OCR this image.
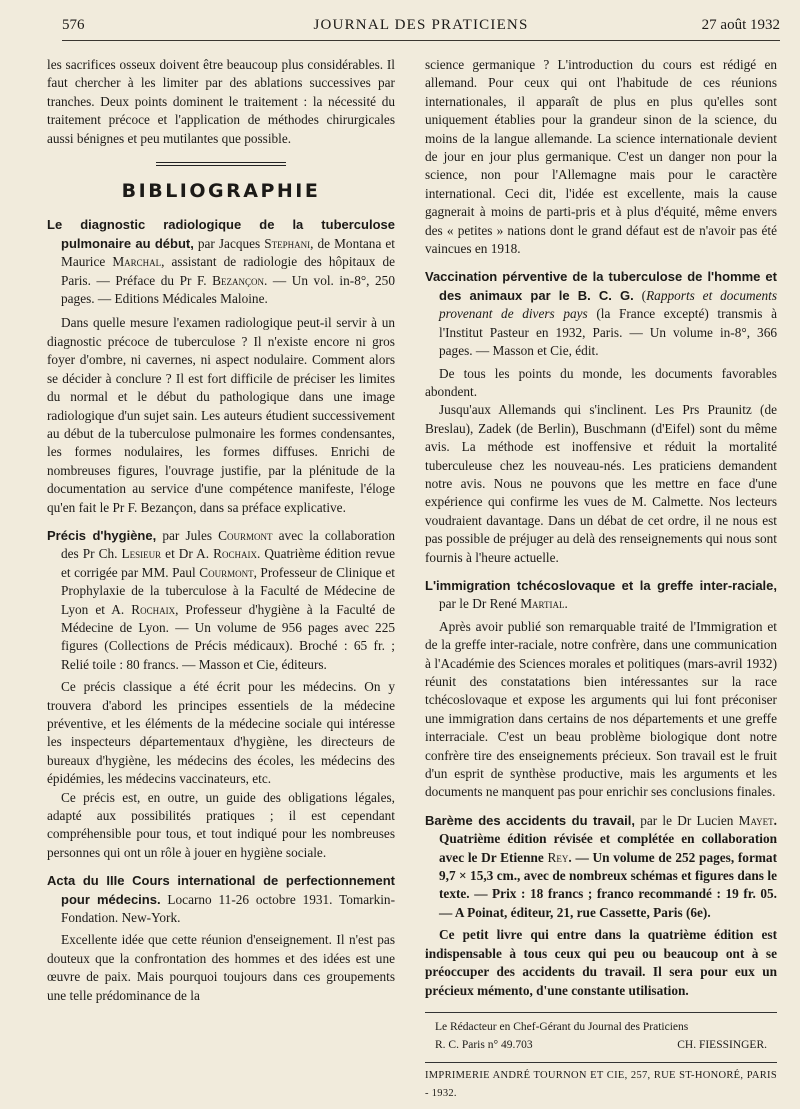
576	JOURNAL DES PRATICIENS	27 août 1932

les sacrifices osseux doivent être beaucoup plus considérables. Il faut chercher à les limiter par des ablations successives par tranches. Deux points dominent le traitement : la nécessité du traitement précoce et l'application de méthodes chirurgicales aussi bénignes et peu mutilantes que possible.

BIBLIOGRAPHIE

Le diagnostic radiologique de la tuberculose pulmonaire au début, par Jacques Stephani, de Montana et Maurice Marchal, assistant de radiologie des hôpitaux de Paris. — Préface du Pr F. Bezançon. — Un vol. in-8°, 250 pages. — Editions Médicales Maloine.

Dans quelle mesure l'examen radiologique peut-il servir à un diagnostic précoce de tuberculose ? Il n'existe encore ni gros foyer d'ombre, ni cavernes, ni aspect nodulaire. Comment alors se décider à conclure ? Il est fort difficile de préciser les limites du normal et le début du pathologique dans une image radiologique d'un sujet sain. Les auteurs étudient successivement au début de la tuberculose pulmonaire les formes condensantes, les formes nodulaires, les formes diffuses. Enrichi de nombreuses figures, l'ouvrage justifie, par la plénitude de la documentation au service d'une compétence manifeste, l'éloge qu'en fait le Pr F. Bezançon, dans sa préface explicative.

Précis d'hygiène, par Jules Courmont avec la collaboration des Pr Ch. Lesieur et Dr A. Rochaix. Quatrième édition revue et corrigée par MM. Paul Courmont, Professeur de Clinique et Prophylaxie de la tuberculose à la Faculté de Médecine de Lyon et A. Rochaix, Professeur d'hygiène à la Faculté de Médecine de Lyon. — Un volume de 956 pages avec 225 figures (Collections de Précis médicaux). Broché : 65 fr. ; Relié toile : 80 francs. — Masson et Cie, éditeurs.

Ce précis classique a été écrit pour les médecins. On y trouvera d'abord les principes essentiels de la médecine préventive, et les éléments de la médecine sociale qui intéresse les inspecteurs départementaux d'hygiène, les directeurs de bureaux d'hygiène, les médecins des écoles, les médecins des épidémies, les médecins vaccinateurs, etc.

Ce précis est, en outre, un guide des obligations légales, adapté aux possibilités pratiques ; il est cependant compréhensible pour tous, et tout indiqué pour les nombreuses personnes qui ont un rôle à jouer en hygiène sociale.

Acta du IIIe Cours international de perfectionnement pour médecins. Locarno 11-26 octobre 1931. Tomarkin-Fondation. New-York.

Excellente idée que cette réunion d'enseignement. Il n'est pas douteux que la confrontation des hommes et des idées est une œuvre de paix. Mais pourquoi toujours dans ces groupements une telle prédominance de la

science germanique ? L'introduction du cours est rédigé en allemand. Pour ceux qui ont l'habitude de ces réunions internationales, il apparaît de plus en plus qu'elles sont uniquement établies pour la grandeur sinon de la science, du moins de la langue allemande. La science internationale devient de jour en jour plus germanique. C'est un danger non pour la science, non pour l'Allemagne mais pour le caractère international. Ceci dit, l'idée est excellente, mais la cause gagnerait à moins de parti-pris et à plus d'équité, même envers des « petites » nations dont le grand défaut est de n'avoir pas été vaincues en 1918.

Vaccination pérventive de la tuberculose de l'homme et des animaux par le B. C. G. (Rapports et documents provenant de divers pays (la France excepté) transmis à l'Institut Pasteur en 1932, Paris. — Un volume in-8°, 366 pages. — Masson et Cie, édit.

De tous les points du monde, les documents favorables abondent.

Jusqu'aux Allemands qui s'inclinent. Les Prs Praunitz (de Breslau), Zadek (de Berlin), Buschmann (d'Eifel) sont du même avis. La méthode est inoffensive et réduit la mortalité tuberculeuse chez les nouveau-nés. Les praticiens demandent notre avis. Nous ne pouvons que les mettre en face d'une expérience qui confirme les vues de M. Calmette. Nos lecteurs voudraient davantage. Dans un débat de cet ordre, il ne nous est pas possible de préjuger au delà des renseignements qui nous sont fournis à l'heure actuelle.

L'immigration tchécoslovaque et la greffe inter-raciale, par le Dr René Martial.

Après avoir publié son remarquable traité de l'Immigration et de la greffe inter-raciale, notre confrère, dans une communication à l'Académie des Sciences morales et politiques (mars-avril 1932) réunit des constatations bien intéressantes sur la race tchécoslovaque et expose les arguments qui lui font préconiser une immigration dans certains de nos départements et une greffe interraciale. C'est un beau problème biologique dont notre confrère tire des enseignements précieux. Son travail est le fruit d'un esprit de synthèse productive, mais les arguments et les documents ne manquent pas pour enrichir ses conclusions finales.

Barème des accidents du travail, par le Dr Lucien Mayet. Quatrième édition révisée et complétée en collaboration avec le Dr Etienne Rey. — Un volume de 252 pages, format 9,7 × 15,3 cm., avec de nombreux schémas et figures dans le texte. — Prix : 18 francs ; franco recommandé : 19 fr. 05. — A Poinat, éditeur, 21, rue Cassette, Paris (6e).

Ce petit livre qui entre dans la quatrième édition est indispensable à tous ceux qui peu ou beaucoup ont à se préoccuper des accidents du travail. Il sera pour eux un précieux mémento, d'une constante utilisation.

Le Rédacteur en Chef-Gérant du Journal des Praticiens
R. C. Paris n° 49.703	CH. FIESSINGER.
IMPRIMERIE ANDRÉ TOURNON ET CIE, 257, RUE ST-HONORÉ, PARIS - 1932.
